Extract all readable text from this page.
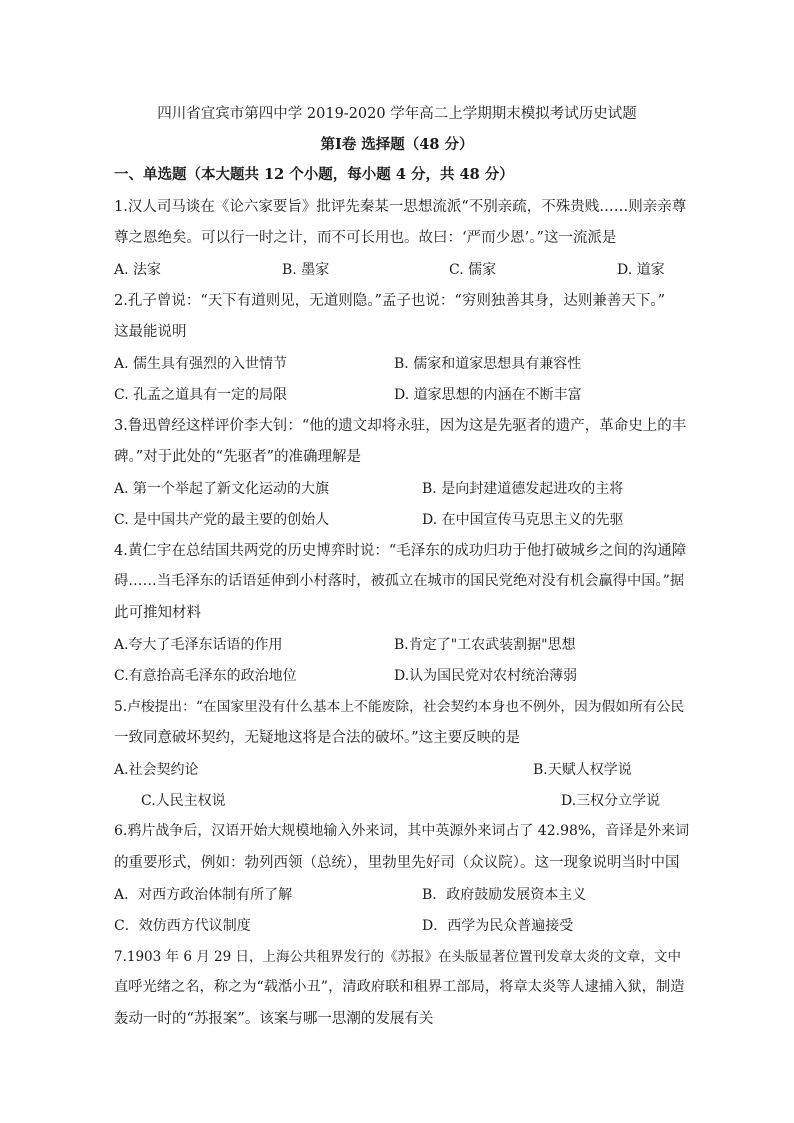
四川省宜宾市第四中学 2019-2020 学年高二上学期期末模拟考试历史试题
第Ⅰ卷 选择题（48 分）
一、单选题（本大题共 12 个小题，每小题 4 分，共 48 分）
1.汉人司马谈在《论六家要旨》批评先秦某一思想流派“不别亲疏，不殊贵贱……则亲亲尊
尊之恩绝矣。可以行一时之计，而不可长用也。故曰：‘严而少恩’。”这一流派是
A. 法家	B. 墨家	C. 儒家	D. 道家
2.孔子曾说：“天下有道则见，无道则隐。”孟子也说：“穷则独善其身，达则兼善天下。”
这最能说明
A. 儒生具有强烈的入世情节	B. 儒家和道家思想具有兼容性
C. 孔孟之道具有一定的局限	D. 道家思想的内涵在不断丰富
3.鲁迅曾经这样评价李大钊：“他的遗文却将永驻，因为这是先驱者的遗产，革命史上的丰
碑。”对于此处的“先驱者”的准确理解是
A. 第一个举起了新文化运动的大旗	B. 是向封建道德发起进攻的主将
C. 是中国共产党的最主要的创始人	D. 在中国宣传马克思主义的先驱
4.黄仁宇在总结国共两党的历史博弈时说：“毛泽东的成功归功于他打破城乡之间的沟通障
碍……当毛泽东的话语延伸到小村落时，被孤立在城市的国民党绝对没有机会赢得中国。”据
此可推知材料
A.夸大了毛泽东话语的作用	B.肯定了"工农武装割据"思想
C.有意抬高毛泽东的政治地位	D.认为国民党对农村统治薄弱
5.卢梭提出：“在国家里没有什么基本上不能废除，社会契约本身也不例外，因为假如所有公民
一致同意破坏契约，无疑地这将是合法的破坏。”这主要反映的是
A.社会契约论	B.天赋人权学说
C.人民主权说	D.三权分立学说
6.鸦片战争后，汉语开始大规模地输入外来词，其中英源外来词占了 42.98%，音译是外来词
的重要形式，例如：勃列西领（总统），里勃里先好司（众议院）。这一现象说明当时中国
A．对西方政治体制有所了解	B．政府鼓励发展资本主义
C．效仿西方代议制度	D．西学为民众普遍接受
7.1903 年 6 月 29 日，上海公共租界发行的《苏报》在头版显著位置刊发章太炎的文章，文中
直呼光绪之名，称之为“载湉小丑”，清政府联和租界工部局，将章太炎等人逮捕入狱，制造
轰动一时的“苏报案”。该案与哪一思潮的发展有关
